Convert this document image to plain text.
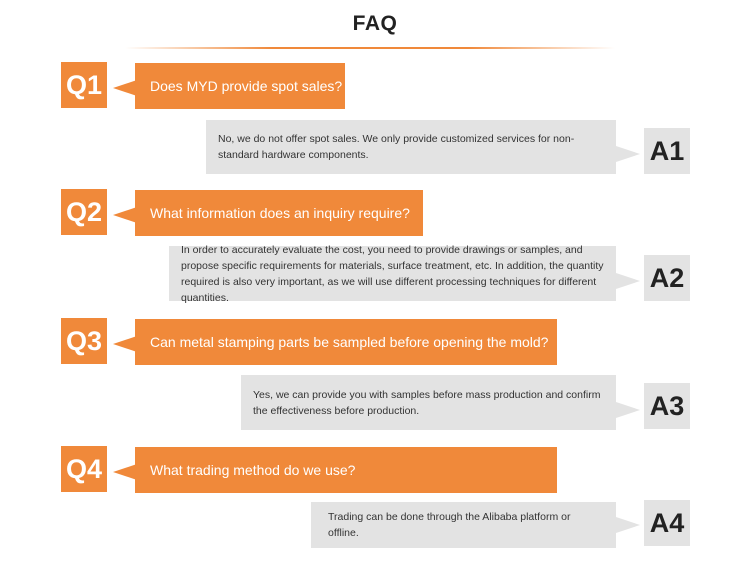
FAQ
Q1	Does MYD provide spot sales?
No, we do not offer spot sales. We only provide customized services for non-standard hardware components.	A1
Q2	What information does an inquiry require?
In order to accurately evaluate the cost, you need to provide drawings or samples, and propose specific requirements for materials, surface treatment, etc. In addition, the quantity required is also very important, as we will use different processing techniques for different quantities.
A2
Q3	Can metal stamping parts be sampled before opening the mold?
Yes, we can provide you with samples before mass production and confirm the effectiveness before production.	A3
Q4	What trading method do we use?
Trading can be done through the Alibaba platform or offline.	A4
